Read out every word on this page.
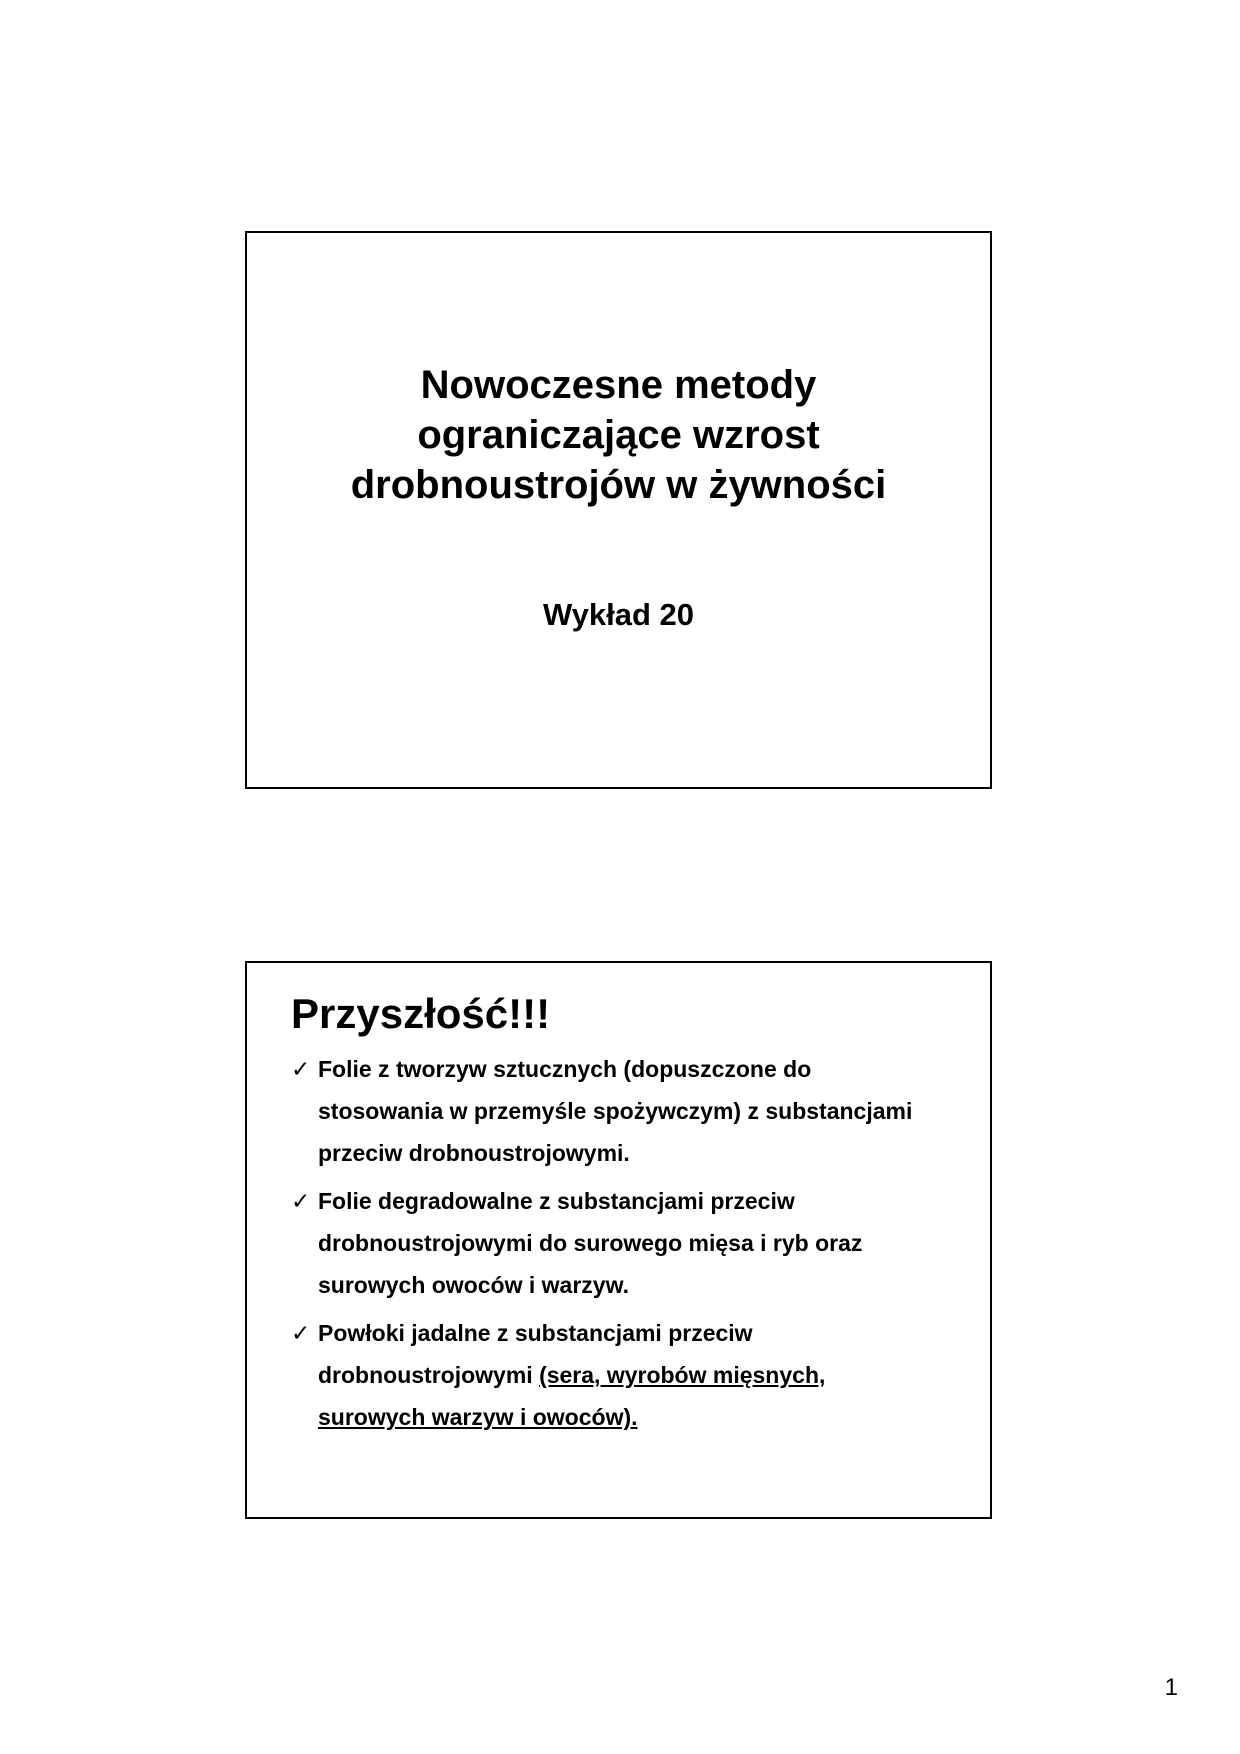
Nowoczesne metody
ograniczające wzrost
drobnoustrojów w żywności
Wykład 20
Przyszłość!!!
✓ Folie z tworzyw sztucznych (dopuszczone do
stosowania w przemyśle spożywczym) z substancjami
przeciw drobnoustrojowymi.
✓ Folie degradowalne z substancjami przeciw
drobnoustrojowymi do surowego mięsa i ryb oraz
surowych owoców i warzyw.
✓ Powłoki jadalne z substancjami przeciw
drobnoustrojowymi (sera, wyrobów mięsnych,
surowych warzyw i owoców).
1
